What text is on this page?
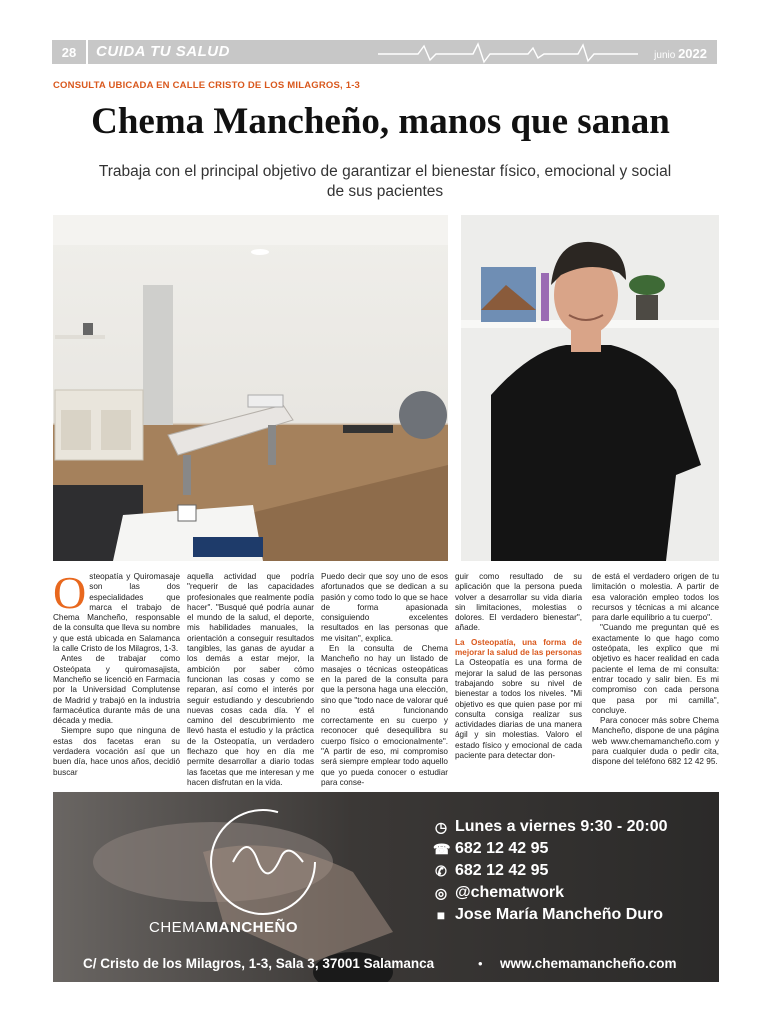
28	CUIDA TU SALUD	junio 2022
CONSULTA UBICADA EN CALLE CRISTO DE LOS MILAGROS, 1-3
Chema Mancheño, manos que sanan
Trabaja con el principal objetivo de garantizar el bienestar físico, emocional y social de sus pacientes
O steopatía y Quiromasaje son las dos especialidades que marca el trabajo de Chema Mancheño, responsable de la consulta que lleva su nombre y que está ubicada en Salamanca la calle Cristo de los Milagros, 1-3.

Antes de trabajar como Osteópata y quiromasajista, Mancheño se licenció en Farmacia por la Universidad Complutense de Madrid y trabajó en la industria farmacéutica durante más de una década y media.

Siempre supo que ninguna de estas dos facetas eran su verdadera vocación así que un buen día, hace unos años, decidió buscar

aquella actividad que podría "requerir de las capacidades profesionales que realmente podía hacer". "Busqué qué podría aunar el mundo de la salud, el deporte, mis habilidades manuales, la orientación a conseguir resultados tangibles, las ganas de ayudar a los demás a estar mejor, la ambición por saber cómo funcionan las cosas y como se reparan, así como el interés por seguir estudiando y descubriendo nuevas cosas cada día. Y el camino del descubrimiento me llevó hasta el estudio y la práctica de la Osteopatía, un verdadero flechazo que hoy en día me permite desarrollar a diario todas las facetas que me interesan y me hacen disfrutan en la vida.

Puedo decir que soy uno de esos afortunados que se dedican a su pasión y como todo lo que se hace de forma apasionada consiguiendo excelentes resultados en las personas que me visitan", explica.

En la consulta de Chema Mancheño no hay un listado de masajes o técnicas osteopáticas en la pared de la consulta para que la persona haga una elección, sino que "todo nace de valorar qué no está funcionando correctamente en su cuerpo y reconocer qué desequilibra su cuerpo físico o emocionalmente". "A partir de eso, mi compromiso será siempre emplear todo aquello que yo pueda conocer o estudiar para conse-

guir como resultado de su aplicación que la persona pueda volver a desarrollar su vida diaria sin limitaciones, molestias o dolores. El verdadero bienestar", añade.

La Osteopatía, una forma de mejorar la salud de las personas

La Osteopatía es una forma de mejorar la salud de las personas trabajando sobre su nivel de bienestar a todos los niveles. "Mi objetivo es que quien pase por mi consulta consiga realizar sus actividades diarias de una manera ágil y sin molestias. Valoro el estado físico y emocional de cada paciente para detectar don-

de está el verdadero origen de tu limitación o molestia. A partir de esa valoración empleo todos los recursos y técnicas a mi alcance para darle equilibrio a tu cuerpo".

"Cuando me preguntan qué es exactamente lo que hago como osteópata, les explico que mi objetivo es hacer realidad en cada paciente el lema de mi consulta: entrar tocado y salir bien. Es mi compromiso con cada persona que pasa por mi camilla", concluye.

Para conocer más sobre Chema Mancheño, dispone de una página web www.chemamancheño.com y para cualquier duda o pedir cita, dispone del teléfono 682 12 42 95.

CHEMAMANCHEÑO
◷ Lunes a viernes 9:30 - 20:00
☎ 682 12 42 95
✆ 682 12 42 95
◎ @chematwork
■ Jose María Mancheño Duro
C/ Cristo de los Milagros, 1-3, Sala 3, 37001 Salamanca	• www.chemamancheño.com
